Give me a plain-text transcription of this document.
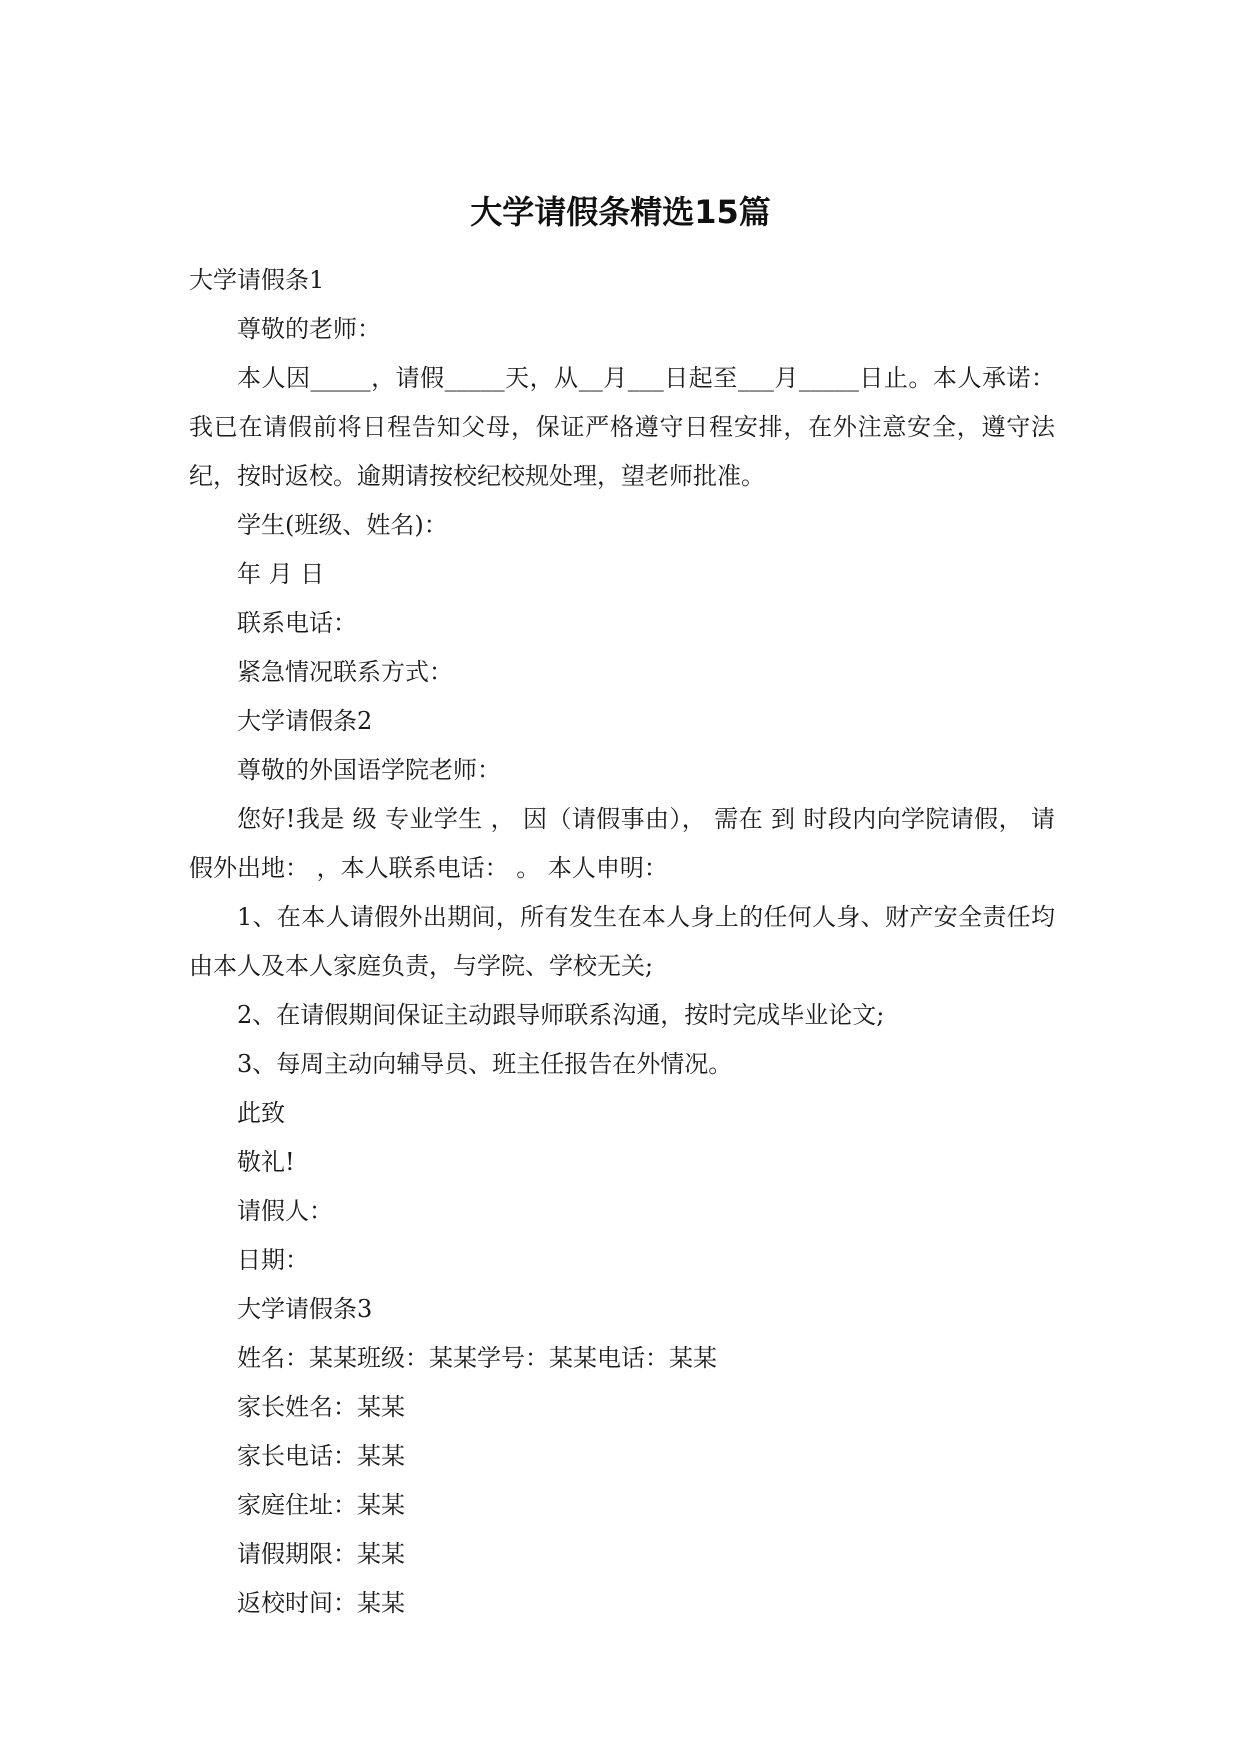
大学请假条精选15篇

大学请假条1

尊敬的老师：

本人因_____，请假_____天，从__月___日起至___月_____日止。本人承诺：我已在请假前将日程告知父母，保证严格遵守日程安排，在外注意安全，遵守法纪，按时返校。逾期请按校纪校规处理，望老师批准。

学生(班级、姓名)：

年 月 日

联系电话：

紧急情况联系方式：

大学请假条2

尊敬的外国语学院老师：

您好!我是 级 专业学生 ， 因（请假事由）， 需在 到 时段内向学院请假， 请假外出地： ，本人联系电话： 。 本人申明：

1、在本人请假外出期间，所有发生在本人身上的任何人身、财产安全责任均由本人及本人家庭负责，与学院、学校无关;

2、在请假期间保证主动跟导师联系沟通，按时完成毕业论文;

3、每周主动向辅导员、班主任报告在外情况。

此致

敬礼!

请假人：

日期：

大学请假条3

姓名：某某班级：某某学号：某某电话：某某

家长姓名：某某

家长电话：某某

家庭住址：某某

请假期限：某某

返校时间：某某
